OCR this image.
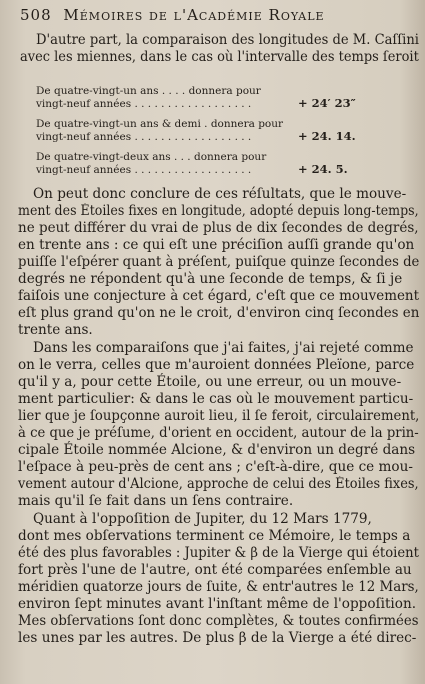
508 Mémoires de l'Académie Royale
D'autre part, la comparaison des longitudes de M. Caſſini
avec les miennes, dans le cas où l'intervalle des temps ſeroit
De quatre-vingt-un ans . . . . donnera pour
vingt-neuf années . . . . . . . . . . . . . . . . . .	+ 24′ 23″
De quatre-vingt-un ans & demi . donnera pour
vingt-neuf années . . . . . . . . . . . . . . . . . .	+ 24. 14.
De quatre-vingt-deux ans . . . donnera pour
vingt-neuf années . . . . . . . . . . . . . . . . . .	+ 24. 5.
On peut donc conclure de ces réſultats, que le mouve-
ment des Étoiles fixes en longitude, adopté depuis long-temps,
ne peut différer du vrai de plus de dix ſecondes de degrés,
en trente ans : ce qui eſt une préciſion auſſi grande qu'on
puiſſe l'eſpérer quant à préſent, puiſque quinze ſecondes de
degrés ne répondent qu'à une ſeconde de temps, & ſi je
faiſois une conjecture à cet égard, c'eſt que ce mouvement
eſt plus grand qu'on ne le croit, d'environ cinq ſecondes en
trente ans.
Dans les comparaiſons que j'ai faites, j'ai rejeté comme
on le verra, celles que m'auroient données Pleïone, parce
qu'il y a, pour cette Étoile, ou une erreur, ou un mouve-
ment particulier: & dans le cas où le mouvement particu-
lier que je ſoupçonne auroit lieu, il ſe feroit, circulairement,
à ce que je préſume, d'orient en occident, autour de la prin-
cipale Étoile nommée Alcione, & d'environ un degré dans
l'eſpace à peu-près de cent ans ; c'eſt-à-dire, que ce mou-
vement autour d'Alcione, approche de celui des Étoiles fixes,
mais qu'il ſe fait dans un ſens contraire.
Quant à l'oppoſition de Jupiter, du 12 Mars 1779,
dont mes obſervations terminent ce Mémoire, le temps a
été des plus favorables : Jupiter & β de la Vierge qui étoient
fort près l'une de l'autre, ont été comparées enſemble au
méridien quatorze jours de ſuite, & entr'autres le 12 Mars,
environ ſept minutes avant l'inſtant même de l'oppoſition.
Mes obſervations ſont donc complètes, & toutes confirmées
les unes par les autres. De plus β de la Vierge a été direc-
